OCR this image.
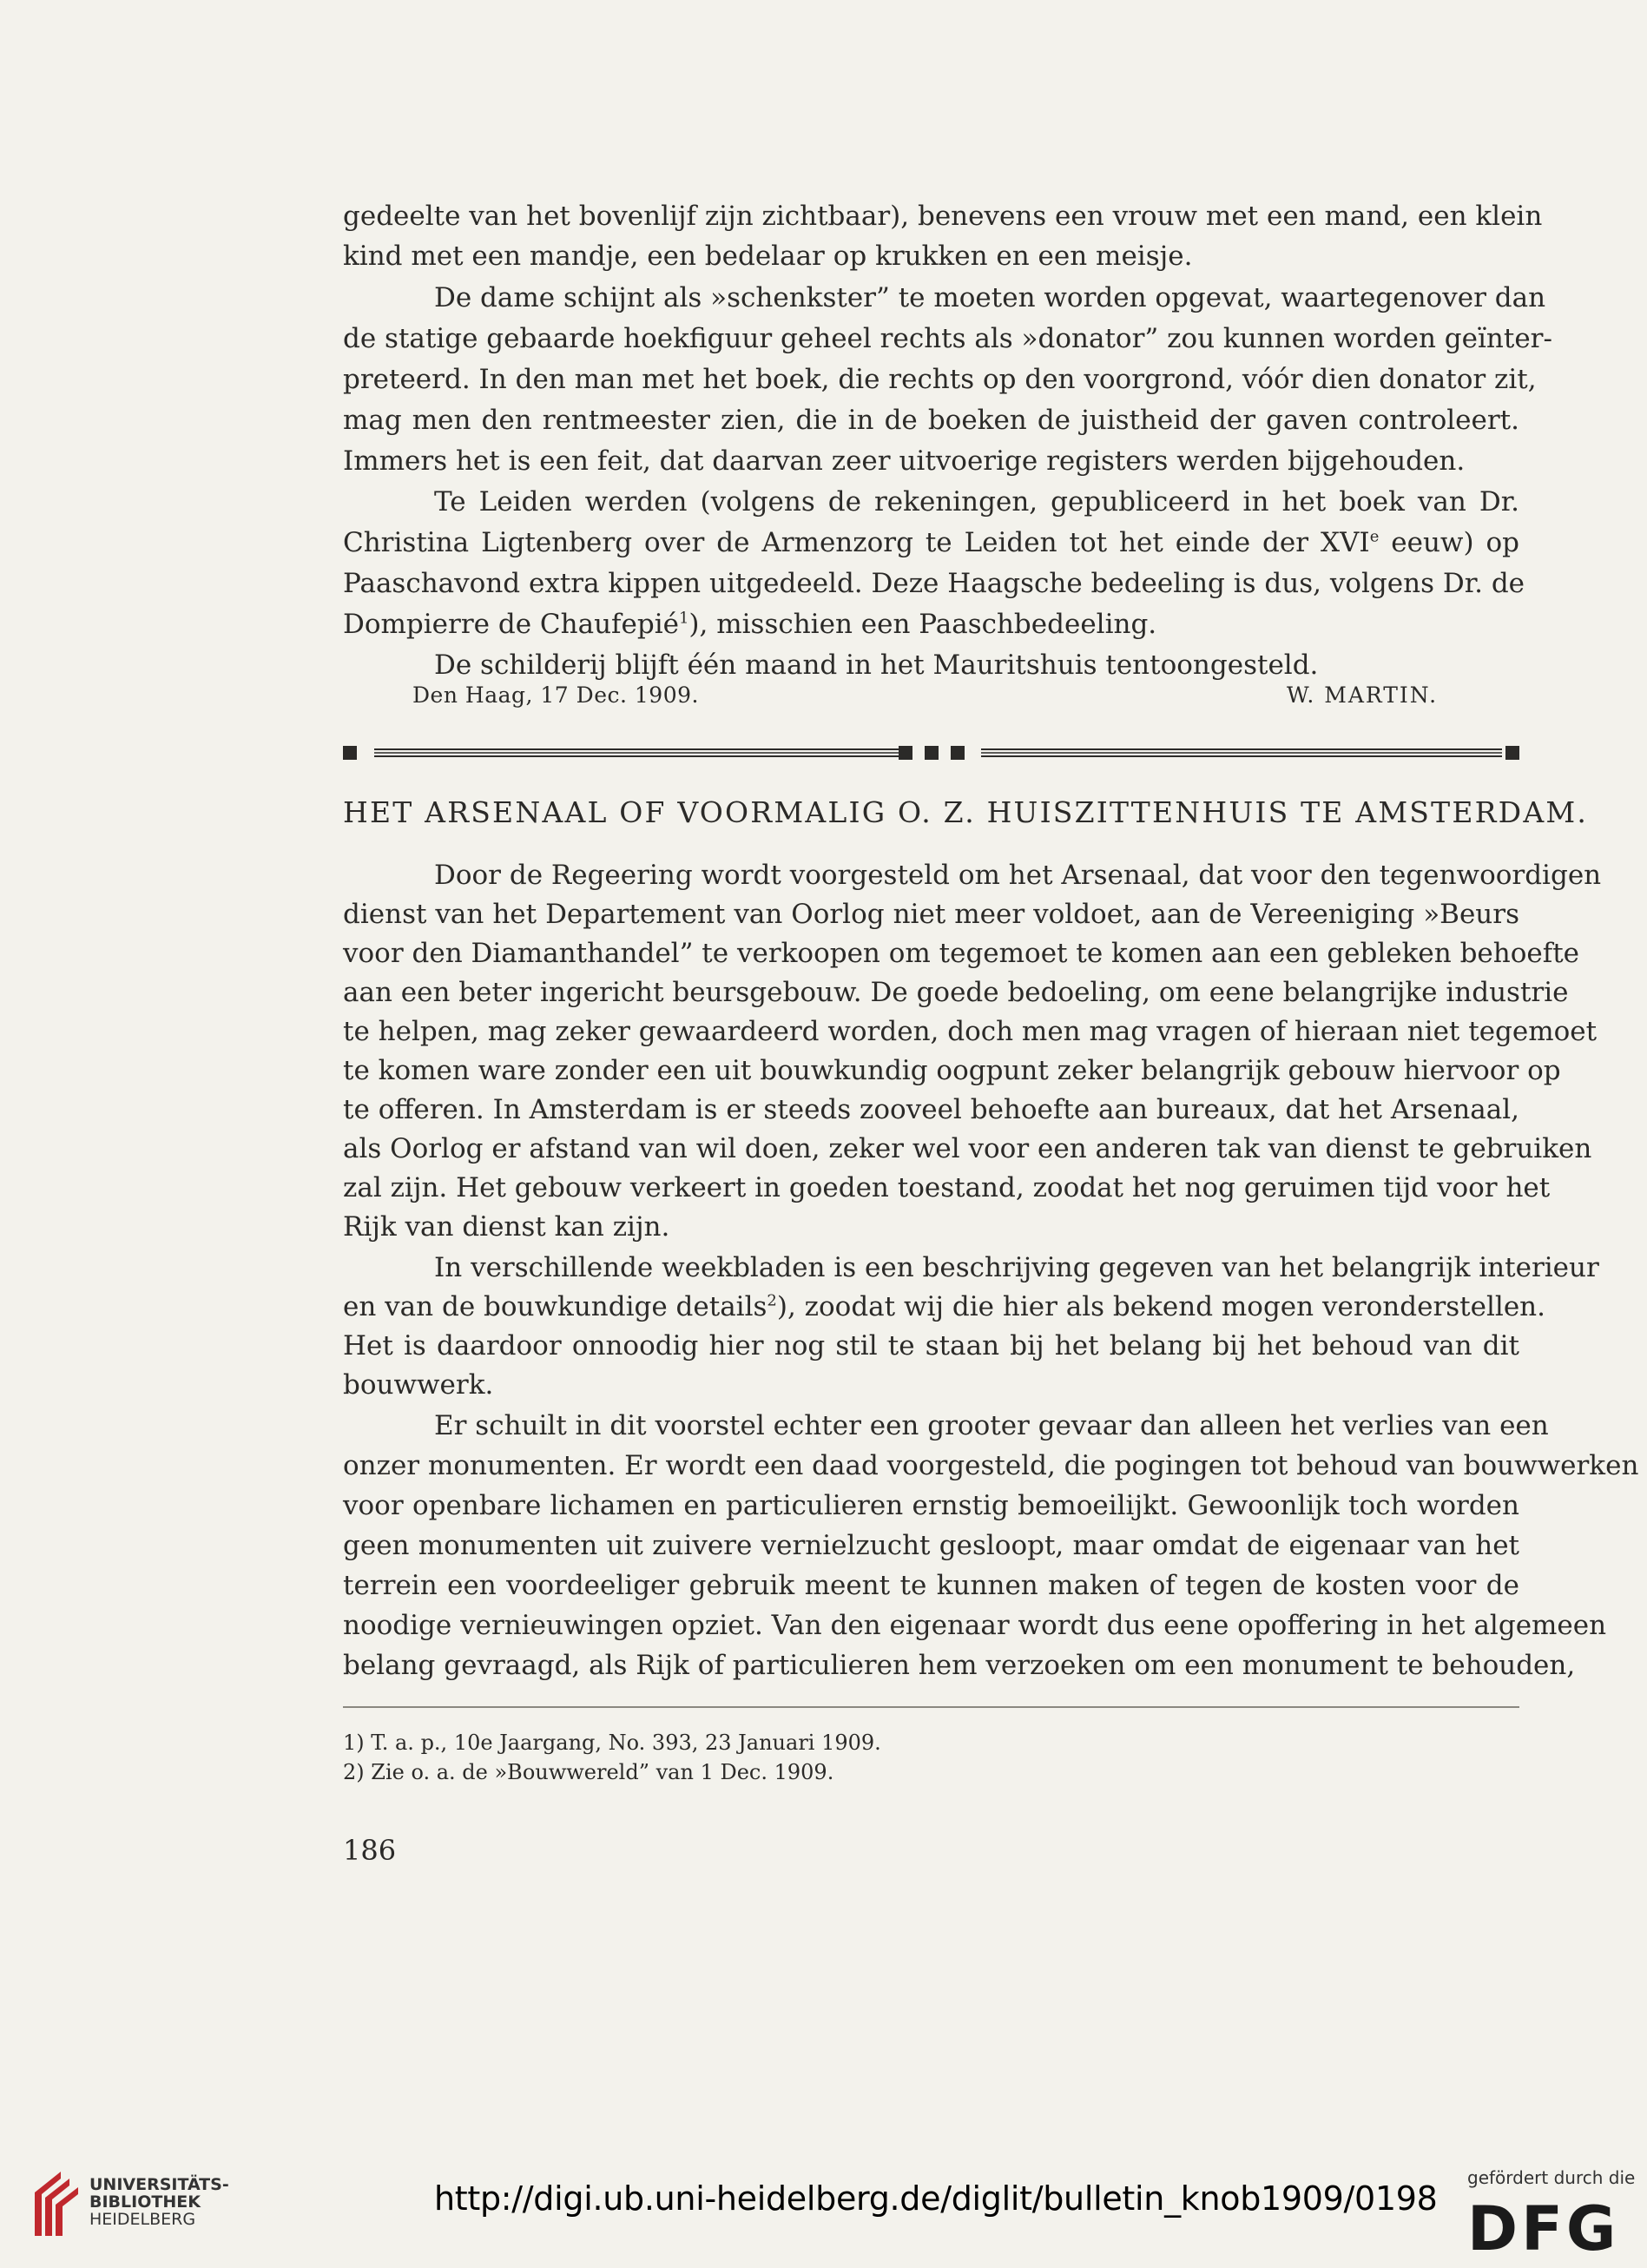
gedeelte van het bovenlijf zijn zichtbaar), benevens een vrouw met een mand, een klein
kind met een mandje, een bedelaar op krukken en een meisje.
De dame schijnt als »schenkster” te moeten worden opgevat, waartegenover dan
de statige gebaarde hoekfiguur geheel rechts als »donator” zou kunnen worden geïnter-
preteerd. In den man met het boek, die rechts op den voorgrond, vóór dien donator zit,
mag men den rentmeester zien, die in de boeken de juistheid der gaven controleert.
Immers het is een feit, dat daarvan zeer uitvoerige registers werden bijgehouden.
Te Leiden werden (volgens de rekeningen, gepubliceerd in het boek van Dr.
Christina Ligtenberg over de Armenzorg te Leiden tot het einde der XVIe eeuw) op
Paaschavond extra kippen uitgedeeld. Deze Haagsche bedeeling is dus, volgens Dr. de
Dompierre de Chaufepié$^1$), misschien een Paaschbedeeling.
De schilderij blijft één maand in het Mauritshuis tentoongesteld.
Den Haag, 17 Dec. 1909.	W. MARTIN.
HET ARSENAAL OF VOORMALIG O. Z. HUISZITTENHUIS TE AMSTERDAM.
Door de Regeering wordt voorgesteld om het Arsenaal, dat voor den tegenwoordigen
dienst van het Departement van Oorlog niet meer voldoet, aan de Vereeniging »Beurs
voor den Diamanthandel” te verkoopen om tegemoet te komen aan een gebleken behoefte
aan een beter ingericht beursgebouw. De goede bedoeling, om eene belangrijke industrie
te helpen, mag zeker gewaardeerd worden, doch men mag vragen of hieraan niet tegemoet
te komen ware zonder een uit bouwkundig oogpunt zeker belangrijk gebouw hiervoor op
te offeren. In Amsterdam is er steeds zooveel behoefte aan bureaux, dat het Arsenaal,
als Oorlog er afstand van wil doen, zeker wel voor een anderen tak van dienst te gebruiken
zal zijn. Het gebouw verkeert in goeden toestand, zoodat het nog geruimen tijd voor het
Rijk van dienst kan zijn.
In verschillende weekbladen is een beschrijving gegeven van het belangrijk interieur
en van de bouwkundige details$^2$), zoodat wij die hier als bekend mogen veronderstellen.
Het is daardoor onnoodig hier nog stil te staan bij het belang bij het behoud van dit
bouwwerk.
Er schuilt in dit voorstel echter een grooter gevaar dan alleen het verlies van een
onzer monumenten. Er wordt een daad voorgesteld, die pogingen tot behoud van bouwwerken
voor openbare lichamen en particulieren ernstig bemoeilijkt. Gewoonlijk toch worden
geen monumenten uit zuivere vernielzucht gesloopt, maar omdat de eigenaar van het
terrein een voordeeliger gebruik meent te kunnen maken of tegen de kosten voor de
noodige vernieuwingen opziet. Van den eigenaar wordt dus eene opoffering in het algemeen
belang gevraagd, als Rijk of particulieren hem verzoeken om een monument te behouden,
1) T. a. p., 10e Jaargang, No. 393, 23 Januari 1909.
2) Zie o. a. de »Bouwwereld” van 1 Dec. 1909.
186
UNIVERSITÄTS-
BIBLIOTHEK
HEIDELBERG
http://digi.ub.uni-heidelberg.de/diglit/bulletin_knob1909/0198
gefördert durch die
DFG
